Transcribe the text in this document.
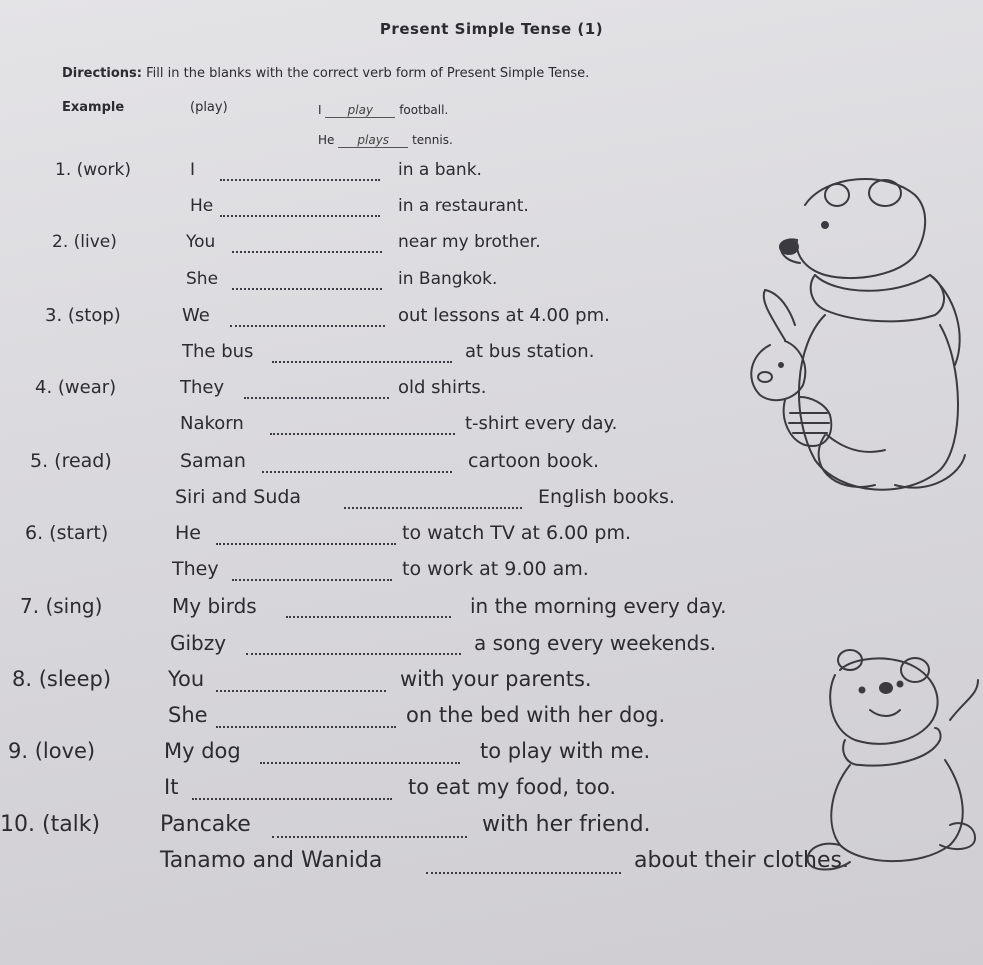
Present Simple Tense (1)
Directions: Fill in the blanks with the correct verb form of Present Simple Tense.
Example	(play)	I play football.
He plays tennis.
1. (work)	I	in a bank.
He	in a restaurant.
2. (live)	You	near my brother.
She	in Bangkok.
3. (stop)	We	out lessons at 4.00 pm.
The bus	at bus station.
4. (wear)	They	old shirts.
Nakorn	t-shirt every day.
5. (read)	Saman	cartoon book.
Siri and Suda	English books.
6. (start)	He	to watch TV at 6.00 pm.
They	to work at 9.00 am.
7. (sing)	My birds	in the morning every day.
Gibzy	a song every weekends.
8. (sleep)	You	with your parents.
She	on the bed with her dog.
9. (love)	My dog	to play with me.
It	to eat my food, too.
10. (talk)	Pancake	with her friend.
Tanamo and Wanida	about their clothes.
